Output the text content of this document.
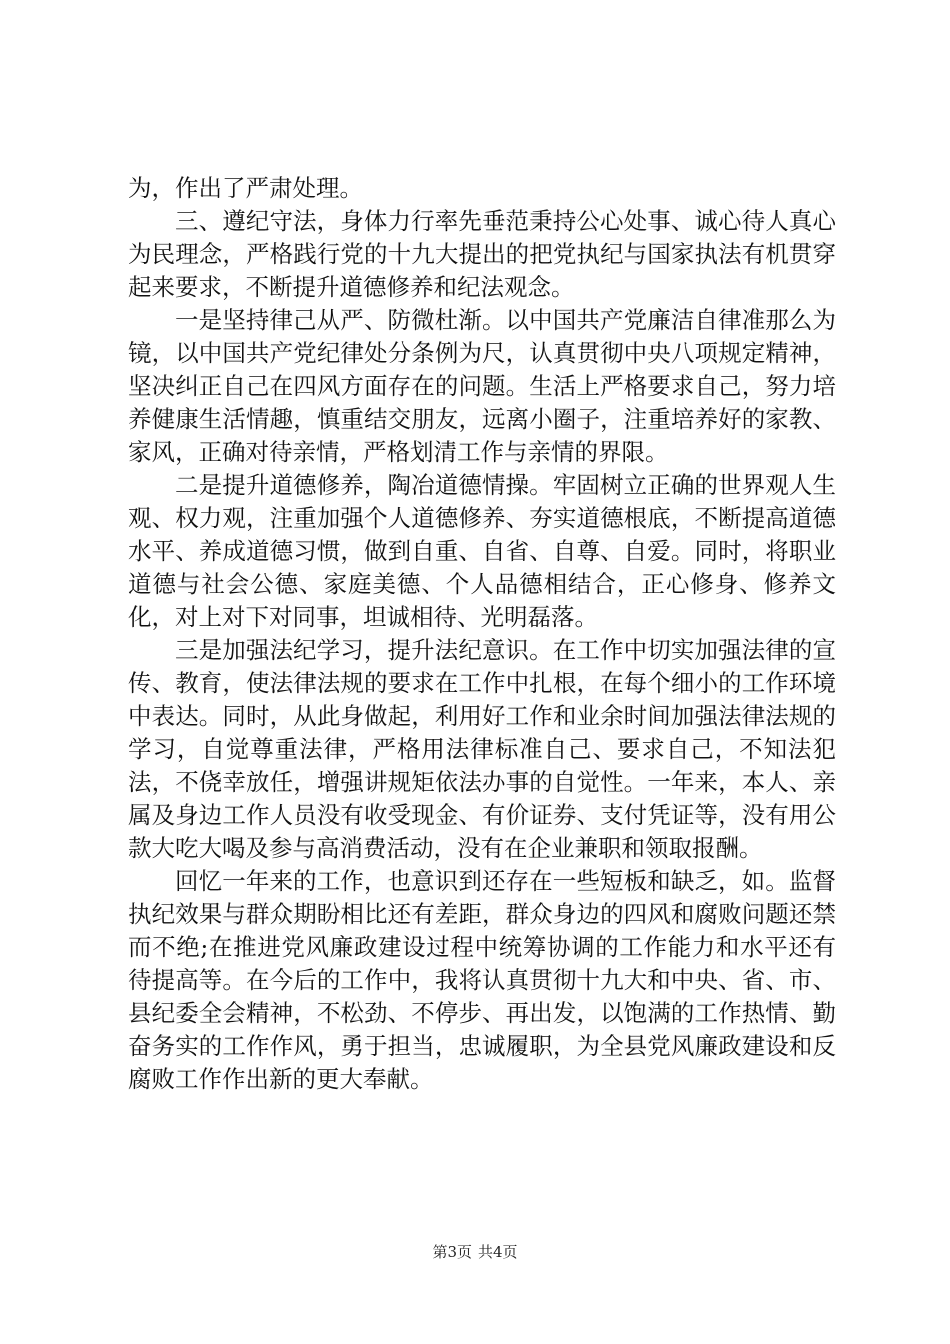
为，作出了严肃处理。

三、遵纪守法，身体力行率先垂范秉持公心处事、诚心待人真心为民理念，严格践行党的十九大提出的把党执纪与国家执法有机贯穿起来要求，不断提升道德修养和纪法观念。

一是坚持律己从严、防微杜渐。以中国共产党廉洁自律准那么为镜，以中国共产党纪律处分条例为尺，认真贯彻中央八项规定精神，坚决纠正自己在四风方面存在的问题。生活上严格要求自己，努力培养健康生活情趣，慎重结交朋友，远离小圈子，注重培养好的家教、家风，正确对待亲情，严格划清工作与亲情的界限。

二是提升道德修养，陶冶道德情操。牢固树立正确的世界观人生观、权力观，注重加强个人道德修养、夯实道德根底，不断提高道德水平、养成道德习惯，做到自重、自省、自尊、自爱。同时，将职业道德与社会公德、家庭美德、个人品德相结合，正心修身、修养文化，对上对下对同事，坦诚相待、光明磊落。

三是加强法纪学习，提升法纪意识。在工作中切实加强法律的宣传、教育，使法律法规的要求在工作中扎根，在每个细小的工作环境中表达。同时，从此身做起，利用好工作和业余时间加强法律法规的学习，自觉尊重法律，严格用法律标准自己、要求自己，不知法犯法，不侥幸放任，增强讲规矩依法办事的自觉性。一年来，本人、亲属及身边工作人员没有收受现金、有价证券、支付凭证等，没有用公款大吃大喝及参与高消费活动，没有在企业兼职和领取报酬。

回忆一年来的工作，也意识到还存在一些短板和缺乏，如。监督执纪效果与群众期盼相比还有差距，群众身边的四风和腐败问题还禁而不绝;在推进党风廉政建设过程中统筹协调的工作能力和水平还有待提高等。在今后的工作中，我将认真贯彻十九大和中央、省、市、县纪委全会精神，不松劲、不停步、再出发，以饱满的工作热情、勤奋务实的工作作风，勇于担当，忠诚履职，为全县党风廉政建设和反腐败工作作出新的更大奉献。

第3页 共4页
